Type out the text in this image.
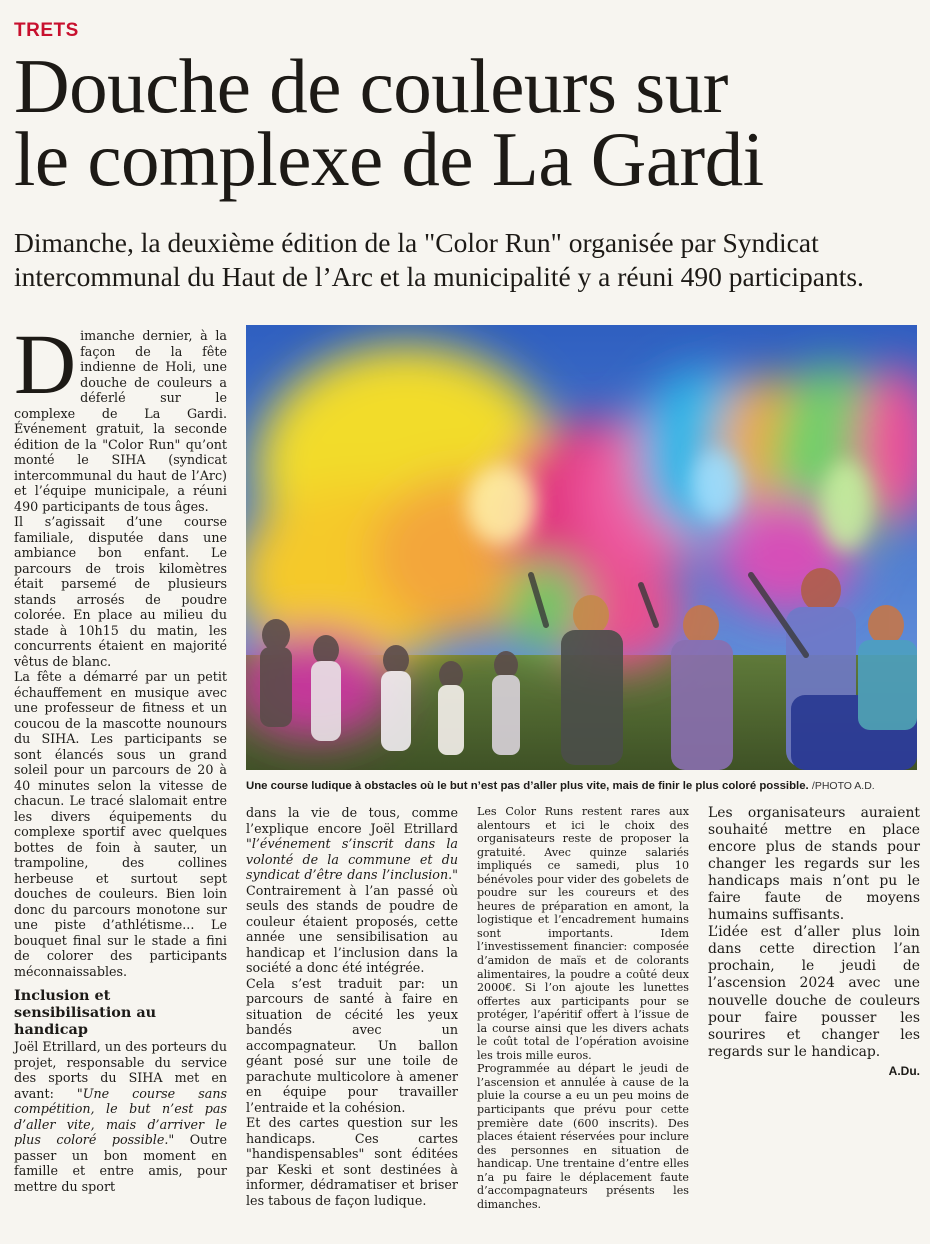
TRETS
Douche de couleurs sur
le complexe de La Gardi
Dimanche, la deuxième édition de la "Color Run" organisée par Syndicat
intercommunal du Haut de l’Arc et la municipalité y a réuni 490 participants.
Une course ludique à obstacles où le but n’est pas d’aller plus vite, mais de finir le plus coloré possible. /PHOTO A.D.

Dimanche dernier, à la façon de la fête indienne de Holi, une douche de couleurs a déferlé sur le complexe de La Gardi. Événement gratuit, la seconde édition de la "Color Run" qu’ont monté le SIHA (syndicat intercommunal du haut de l’Arc) et l’équipe municipale, a réuni 490 participants de tous âges.

Il s’agissait d’une course familiale, disputée dans une ambiance bon enfant. Le parcours de trois kilomètres était parsemé de plusieurs stands arrosés de poudre colorée. En place au milieu du stade à 10h15 du matin, les concurrents étaient en majorité vêtus de blanc.

La fête a démarré par un petit échauffement en musique avec une professeur de fitness et un coucou de la mascotte nounours du SIHA. Les participants se sont élancés sous un grand soleil pour un parcours de 20 à 40 minutes selon la vitesse de chacun. Le tracé slalomait entre les divers équipements du complexe sportif avec quelques bottes de foin à sauter, un trampoline, des collines herbeuse et surtout sept douches de couleurs. Bien loin donc du parcours monotone sur une piste d’athlétisme... Le bouquet final sur le stade a fini de colorer des participants méconnaissables.

Inclusion et sensibilisation au handicap

Joël Etrillard, un des porteurs du projet, responsable du service des sports du SIHA met en avant: "Une course sans compétition, le but n’est pas d’aller vite, mais d’arriver le plus coloré possible." Outre passer un bon moment en famille et entre amis, pour mettre du sport

dans la vie de tous, comme l’explique encore Joël Etrillard "l’événement s’inscrit dans la volonté de la commune et du syndicat d’être dans l’inclusion." Contrairement à l’an passé où seuls des stands de poudre de couleur étaient proposés, cette année une sensibilisation au handicap et l’inclusion dans la société a donc été intégrée.

Cela s’est traduit par: un parcours de santé à faire en situation de cécité les yeux bandés avec un accompagnateur. Un ballon géant posé sur une toile de parachute multicolore à amener en équipe pour travailler l’entraide et la cohésion.

Et des cartes question sur les handicaps. Ces cartes "handispensables" sont éditées par Keski et sont destinées à informer, dédramatiser et briser les tabous de façon ludique.

Les Color Runs restent rares aux alentours et ici le choix des organisateurs reste de proposer la gratuité. Avec quinze salariés impliqués ce samedi, plus 10 bénévoles pour vider des gobelets de poudre sur les coureurs et des heures de préparation en amont, la logistique et l’encadrement humains sont importants. Idem l’investissement financier: composée d’amidon de maïs et de colorants alimentaires, la poudre a coûté deux 2000€. Si l’on ajoute les lunettes offertes aux participants pour se protéger, l’apéritif offert à l’issue de la course ainsi que les divers achats le coût total de l’opération avoisine les trois mille euros.

Programmée au départ le jeudi de l’ascension et annulée à cause de la pluie la course a eu un peu moins de participants que prévu pour cette première date (600 inscrits). Des places étaient réservées pour inclure des personnes en situation de handicap. Une trentaine d’entre elles n’a pu faire le déplacement faute d’accompagnateurs présents les dimanches.

Les organisateurs auraient souhaité mettre en place encore plus de stands pour changer les regards sur les handicaps mais n’ont pu le faire faute de moyens humains suffisants.

L’idée est d’aller plus loin dans cette direction l’an prochain, le jeudi de l’ascension 2024 avec une nouvelle douche de couleurs pour faire pousser les sourires et changer les regards sur le handicap.

A.Du.
